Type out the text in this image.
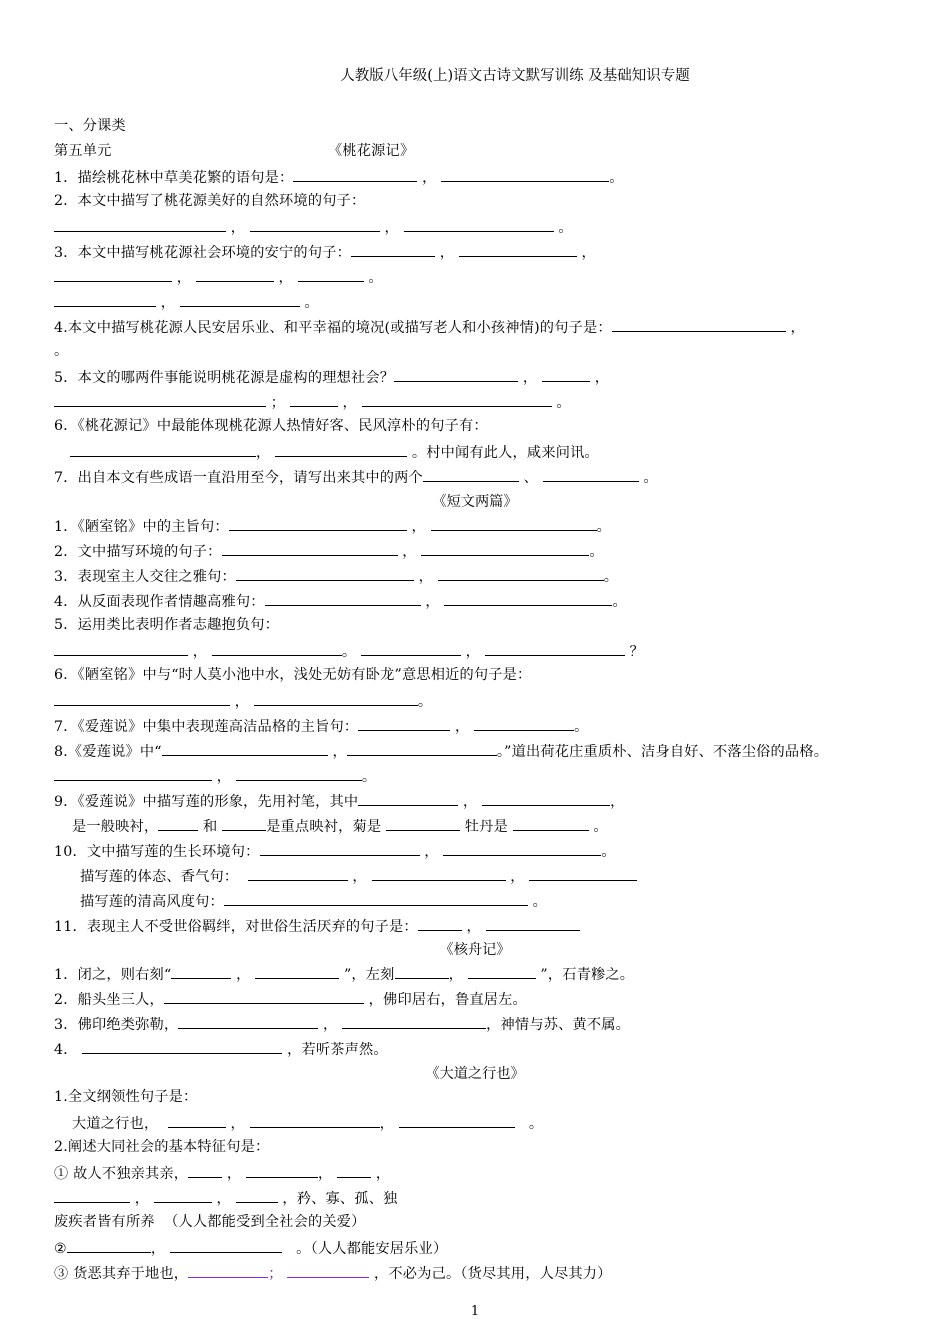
人教版八年级(上)语文古诗文默写训练 及基础知识专题
一、分课类
第五单元	《桃花源记》
1．描绘桃花林中草美花繁的语句是：	，	。
2．本文中描写了桃花源美好的自然环境的句子：
，	，	。
3．本文中描写桃花源社会环境的安宁的句子：	，	，
，	，	。
，	。
4.本文中描写桃花源人民安居乐业、和平幸福的境况(或描写老人和小孩神情)的句子是：	，
。
5．本文的哪两件事能说明桃花源是虚构的理想社会？	，	，
；	，	。
6．《桃花源记》中最能体现桃花源人热情好客、民风淳朴的句子有：
，	。村中闻有此人，咸来问讯。
7．出自本文有些成语一直沿用至今，请写出来其中的两个	、	。
《短文两篇》
1．《陋室铭》中的主旨句：	，	。
2．文中描写环境的句子：	，	。
3．表现室主人交往之雅句：	，	。
4．从反面表现作者情趣高雅句：	，	。
5．运用类比表明作者志趣抱负句：
，	。	，	？
6．《陋室铭》中与“时人莫小池中水，浅处无妨有卧龙”意思相近的句子是：
，	。
7．《爱莲说》中集中表现莲高洁品格的主旨句：	，	。
8.《爱莲说》中“	，	。”道出荷花庄重质朴、洁身自好、不落尘俗的品格。
，	。
9．《爱莲说》中描写莲的形象，先用衬笔，其中	，	，
是一般映衬，	和	是重点映衬，菊是	牡丹是	。
10．文中描写莲的生长环境句：	，	。
描写莲的体态、香气句：	，	，
描写莲的清高风度句：	。
11．表现主人不受世俗羁绊，对世俗生活厌弃的句子是：	，
《核舟记》
1．闭之，则右刻“	，	”，左刻	，	”，石青糁之。
2．船头坐三人，	，佛印居右，鲁直居左。
3．佛印绝类弥勒，	，	，神情与苏、黄不属。
4．	，若听茶声然。
《大道之行也》
1.全文纲领性句子是：
大道之行也，	，	，	。
2.阐述大同社会的基本特征句是：
① 故人不独亲其亲，	，	，	，
，	，	，矜、寡、孤、独
废疾者皆有所养  （人人都能受到全社会的关爱）
②	，	。（人人都能安居乐业）
③ 货恶其弃于地也，	；	，不必为己。（货尽其用，人尽其力）
1
